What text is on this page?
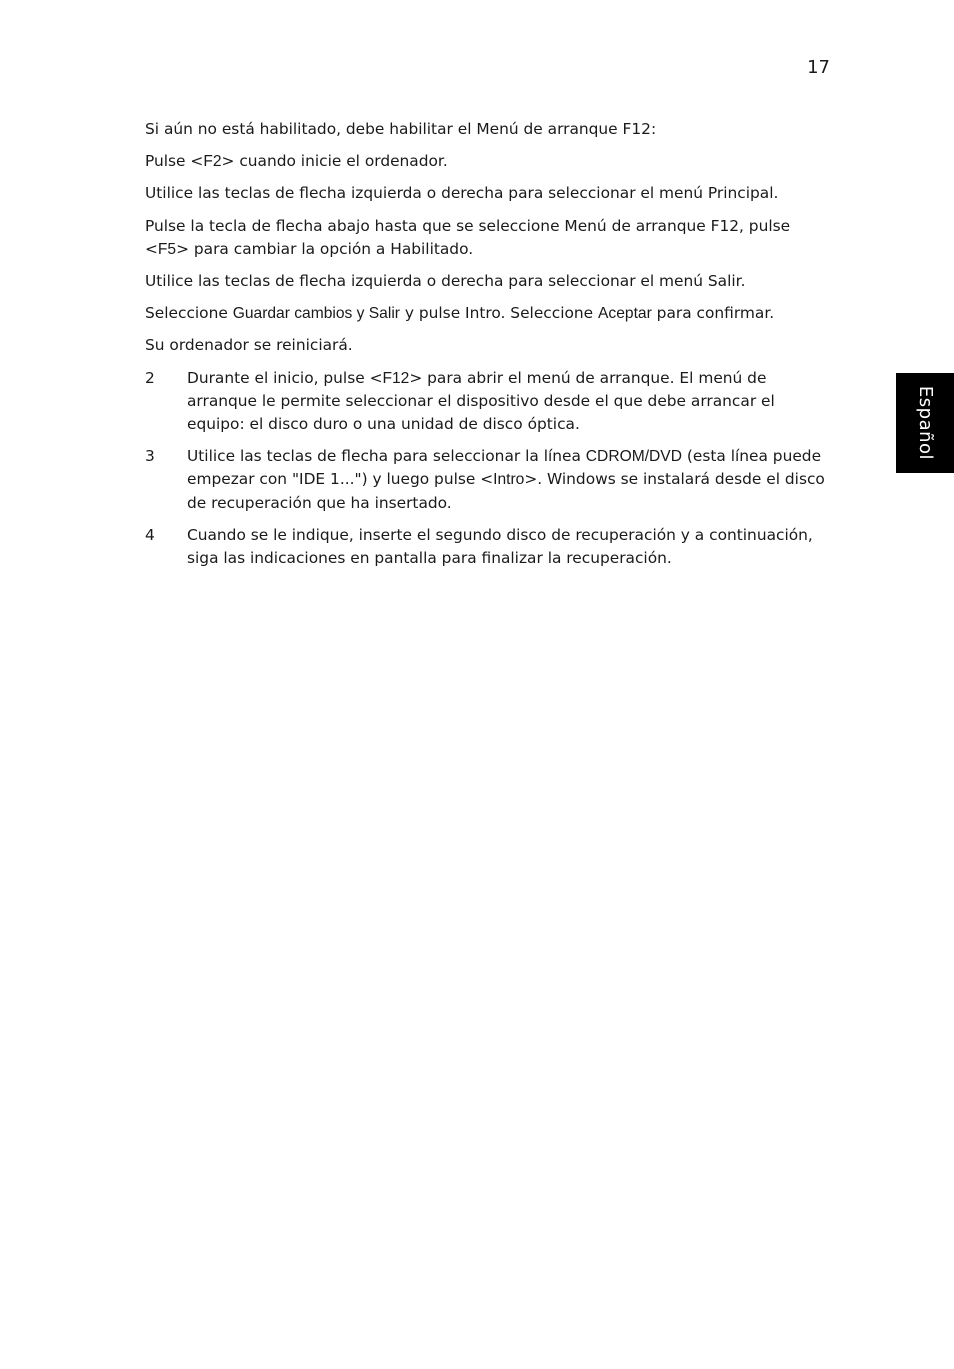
17
Español

Si aún no está habilitado, debe habilitar el Menú de arranque F12:

Pulse <F2> cuando inicie el ordenador.

Utilice las teclas de flecha izquierda o derecha para seleccionar el menú Principal.

Pulse la tecla de flecha abajo hasta que se seleccione Menú de arranque F12, pulse <F5> para cambiar la opción a Habilitado.

Utilice las teclas de flecha izquierda o derecha para seleccionar el menú Salir.

Seleccione Guardar cambios y Salir y pulse Intro. Seleccione Aceptar para confirmar.

Su ordenador se reiniciará.

2 Durante el inicio, pulse <F12> para abrir el menú de arranque. El menú de arranque le permite seleccionar el dispositivo desde el que debe arrancar el equipo: el disco duro o una unidad de disco óptica.
3 Utilice las teclas de flecha para seleccionar la línea CDROM/DVD (esta línea puede empezar con "IDE 1...") y luego pulse <Intro>. Windows se instalará desde el disco de recuperación que ha insertado.
4 Cuando se le indique, inserte el segundo disco de recuperación y a continuación, siga las indicaciones en pantalla para finalizar la recuperación.
